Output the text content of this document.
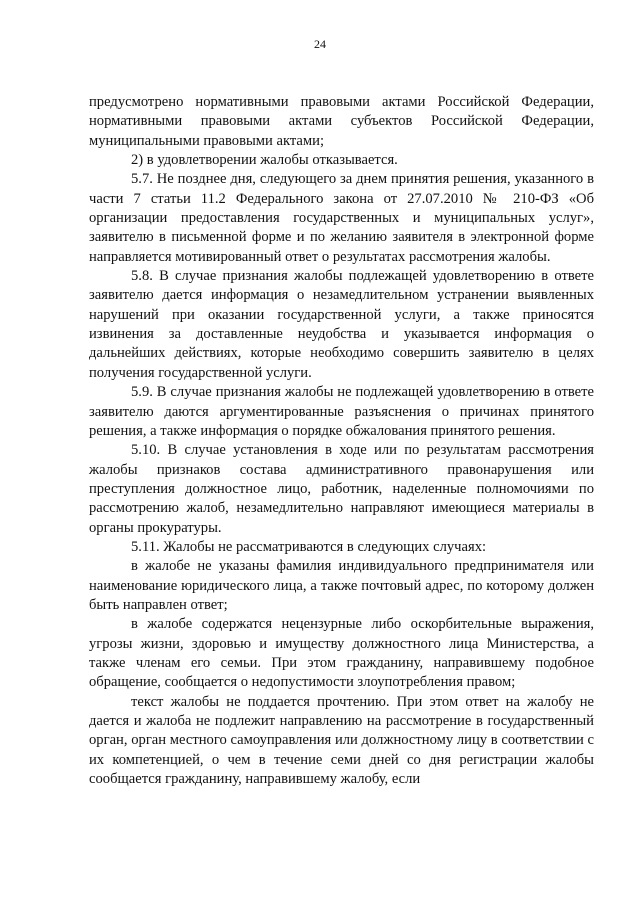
24

предусмотрено нормативными правовыми актами Российской Федерации, нормативными правовыми актами субъектов Российской Федерации, муниципальными правовыми актами;

2) в удовлетворении жалобы отказывается.

5.7. Не позднее дня, следующего за днем принятия решения, указанного в части 7 статьи 11.2 Федерального закона от 27.07.2010 № 210-ФЗ «Об организации предоставления государственных и муниципальных услуг», заявителю в письменной форме и по желанию заявителя в электронной форме направляется мотивированный ответ о результатах рассмотрения жалобы.

5.8. В случае признания жалобы подлежащей удовлетворению в ответе заявителю дается информация о незамедлительном устранении выявленных нарушений при оказании государственной услуги, а также приносятся извинения за доставленные неудобства и указывается информация о дальнейших действиях, которые необходимо совершить заявителю в целях получения государственной услуги.

5.9. В случае признания жалобы не подлежащей удовлетворению в ответе заявителю даются аргументированные разъяснения о причинах принятого решения, а также информация о порядке обжалования принятого решения.

5.10. В случае установления в ходе или по результатам рассмотрения жалобы признаков состава административного правонарушения или преступления должностное лицо, работник, наделенные полномочиями по рассмотрению жалоб, незамедлительно направляют имеющиеся материалы в органы прокуратуры.

5.11. Жалобы не рассматриваются в следующих случаях:

в жалобе не указаны фамилия индивидуального предпринимателя или наименование юридического лица, а также почтовый адрес, по которому должен быть направлен ответ;

в жалобе содержатся нецензурные либо оскорбительные выражения, угрозы жизни, здоровью и имуществу должностного лица Министерства, а также членам его семьи. При этом гражданину, направившему подобное обращение, сообщается о недопустимости злоупотребления правом;

текст жалобы не поддается прочтению. При этом ответ на жалобу не дается и жалоба не подлежит направлению на рассмотрение в государственный орган, орган местного самоуправления или должностному лицу в соответствии с их компетенцией, о чем в течение семи дней со дня регистрации жалобы сообщается гражданину, направившему жалобу, если
